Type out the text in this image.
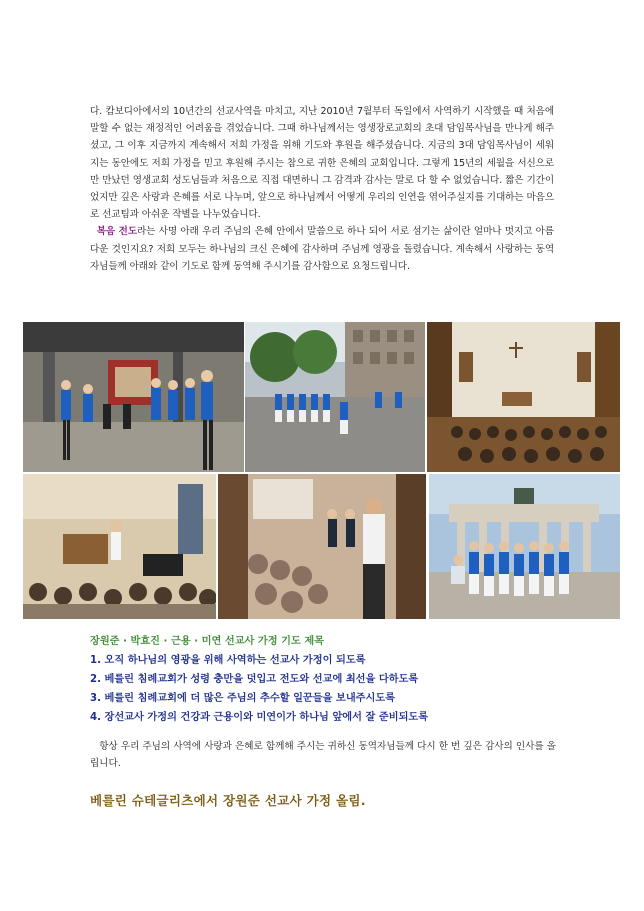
다. 캄보디아에서의 10년간의 선교사역을 마치고, 지난 2010년 7월부터 독일에서 사역하기 시작했을 때 처음에 말할 수 없는 재정적인 어려움을 겪었습니다. 그때 하나님께서는 영생장로교회의 초대 담임목사님을 만나게 해주셨고, 그 이후 지금까지 계속해서 저희 가정을 위해 기도와 후원을 해주셨습니다. 지금의 3대 담임목사님이 세워지는 동안에도 저희 가정을 믿고 후원해 주시는 참으로 귀한 은혜의 교회입니다. 그렇게 15년의 세월을 서신으로만 만났던 영생교회 성도님들과 처음으로 직접 대면하니 그 감격과 감사는 말로 다 할 수 없었습니다. 짧은 기간이었지만 깊은 사랑과 은혜를 서로 나누며, 앞으로 하나님께서 어떻게 우리의 인연을 엮어주실지를 기대하는 마음으로 선교팀과 아쉬운 작별을 나누었습니다.

복음 전도라는 사명 아래 우리 주님의 은혜 안에서 말씀으로 하나 되어 서로 섬기는 삶이란 얼마나 멋지고 아름다운 것인지요? 저희 모두는 하나님의 크신 은혜에 감사하며 주님께 영광을 돌렸습니다. 계속해서 사랑하는 동역자님들께 아래와 같이 기도로 함께 동역해 주시기를 감사함으로 요청드립니다.

장원준 · 박효진 · 근용 · 미연 선교사 가정 기도 제목
1. 오직 하나님의 영광을 위해 사역하는 선교사 가정이 되도록
2. 베를린 침례교회가 성령 충만을 덧입고 전도와 선교에 최선을 다하도록
3. 베를린 침례교회에 더 많은 주님의 추수할 일꾼들을 보내주시도록
4. 장선교사 가정의 건강과 근용이와 미연이가 하나님 앞에서 잘 준비되도록
항상 우리 주님의 사역에 사랑과 은혜로 함께해 주시는 귀하신 동역자님들께 다시 한 번 깊은 감사의 인사를 올립니다.
베를린 슈테글리츠에서 장원준 선교사 가정 올림.
